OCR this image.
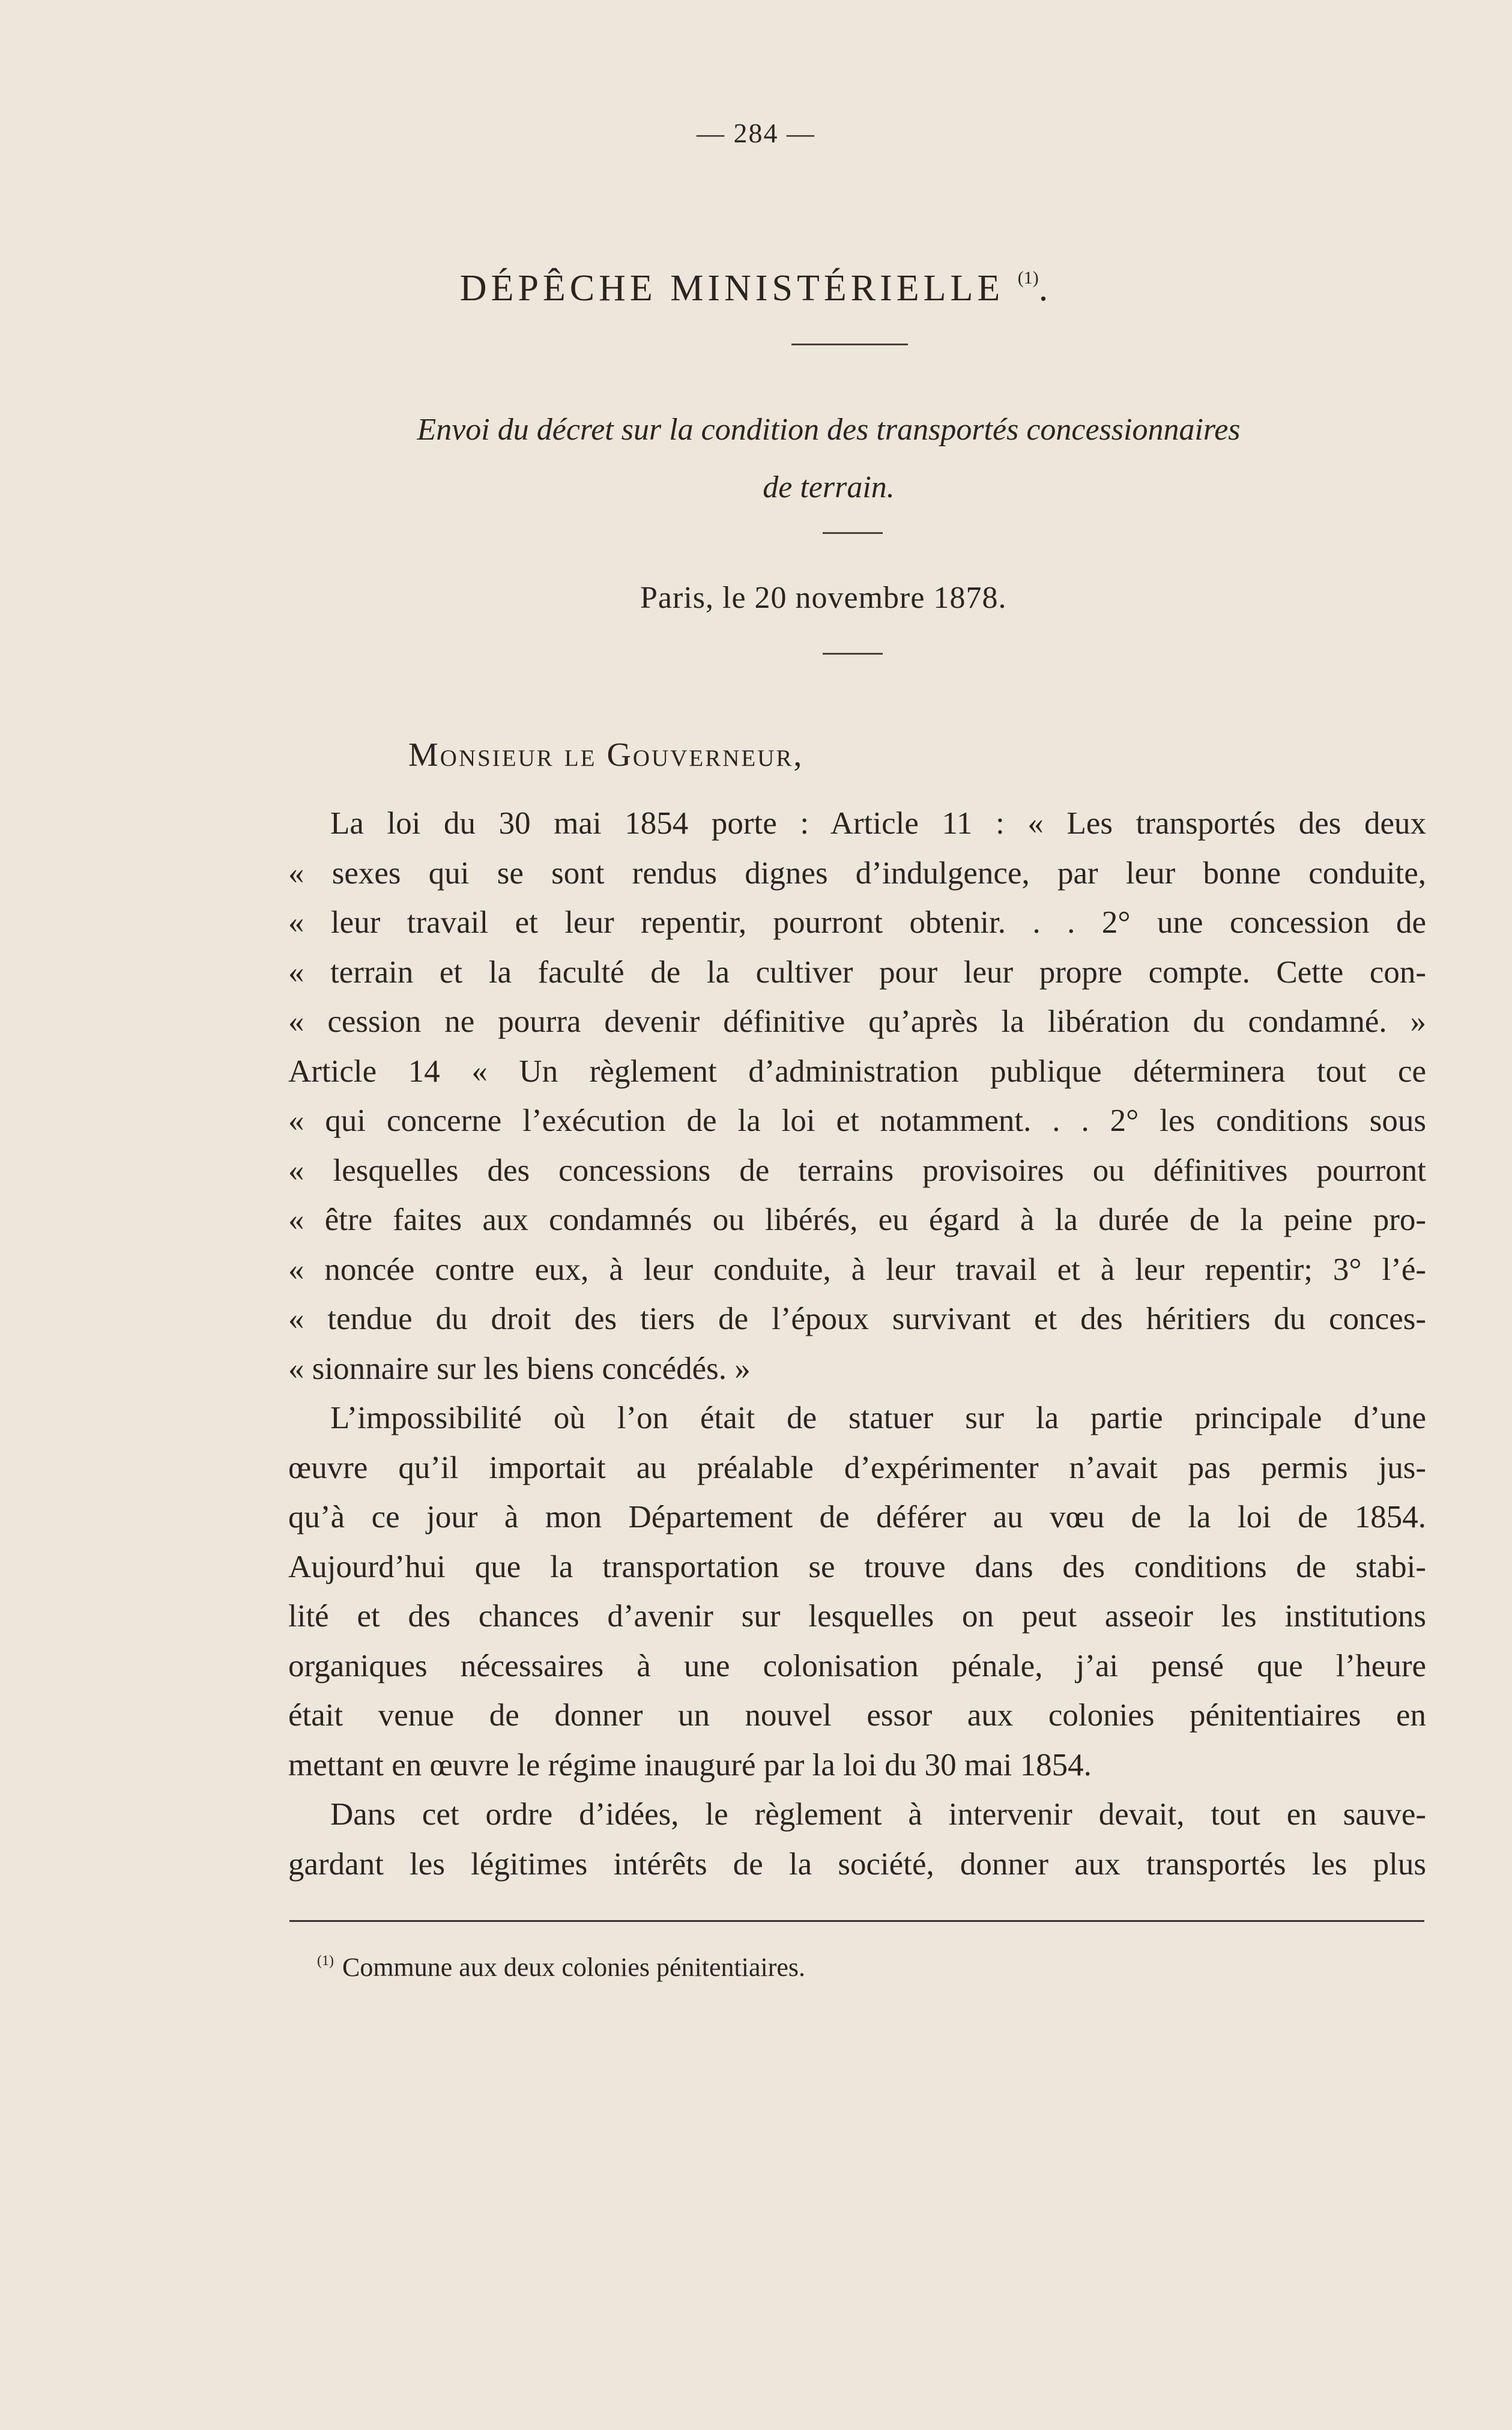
— 284 —
DÉPÊCHE MINISTÉRIELLE $^{(1)}$.
Envoi du décret sur la condition des transportés concessionnaires
de terrain.
Paris, le 20 novembre 1878.
Monsieur le Gouverneur,
La loi du 30 mai 1854 porte : Article 11 : « Les transportés des deux
« sexes qui se sont rendus dignes d’indulgence, par leur bonne conduite,
« leur travail et leur repentir, pourront obtenir. . . 2° une concession de
« terrain et la faculté de la cultiver pour leur propre compte. Cette con-
« cession ne pourra devenir définitive qu’après la libération du condamné. »
Article 14 « Un règlement d’administration publique déterminera tout ce
« qui concerne l’exécution de la loi et notamment. . . 2° les conditions sous
« lesquelles des concessions de terrains provisoires ou définitives pourront
« être faites aux condamnés ou libérés, eu égard à la durée de la peine pro-
« noncée contre eux, à leur conduite, à leur travail et à leur repentir; 3° l’é-
« tendue du droit des tiers de l’époux survivant et des héritiers du conces-
« sionnaire sur les biens concédés. »
L’impossibilité où l’on était de statuer sur la partie principale d’une
œuvre qu’il importait au préalable d’expérimenter n’avait pas permis jus-
qu’à ce jour à mon Département de déférer au vœu de la loi de 1854.
Aujourd’hui que la transportation se trouve dans des conditions de stabi-
lité et des chances d’avenir sur lesquelles on peut asseoir les institutions
organiques nécessaires à une colonisation pénale, j’ai pensé que l’heure
était venue de donner un nouvel essor aux colonies pénitentiaires en
mettant en œuvre le régime inauguré par la loi du 30 mai 1854.
Dans cet ordre d’idées, le règlement à intervenir devait, tout en sauve-
gardant les légitimes intérêts de la société, donner aux transportés les plus
$^{(1)}$ Commune aux deux colonies pénitentiaires.
